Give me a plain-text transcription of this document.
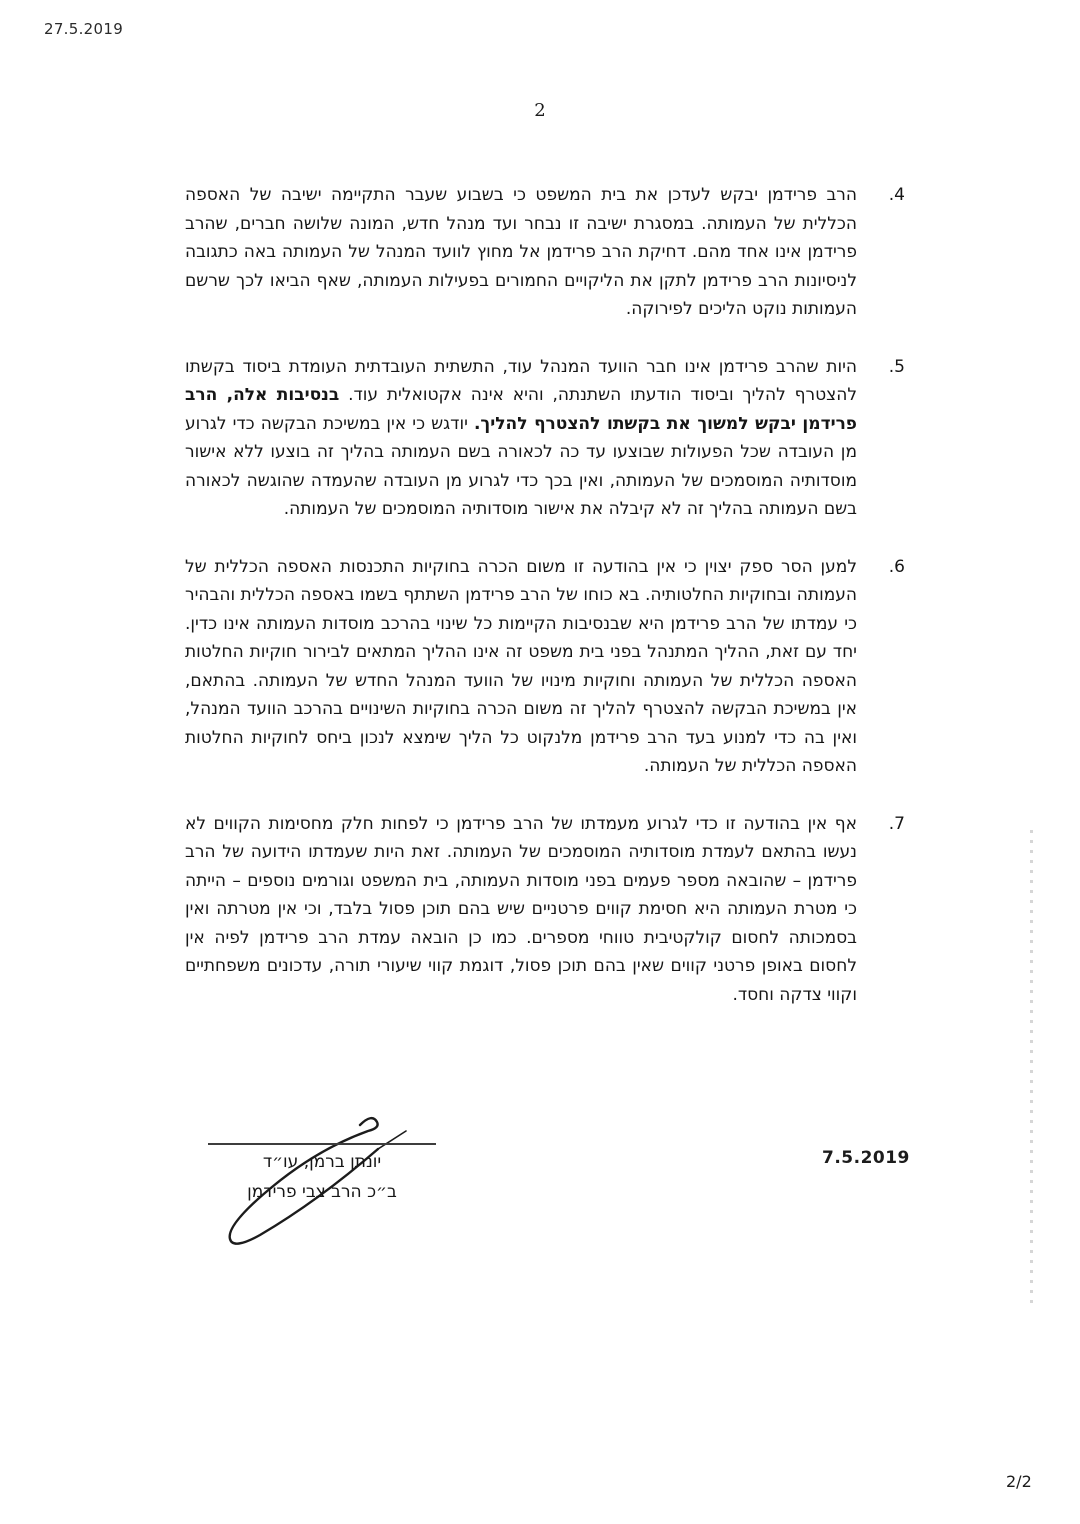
27.5.2019
2
4.
הרב פרידמן יבקש לעדכן את בית המשפט כי בשבוע שעבר התקיימה ישיבה של האספה הכללית של העמותה. במסגרת ישיבה זו נבחר ועד מנהל חדש, המונה שלושה חברים, שהרב פרידמן אינו אחד מהם. דחיקת הרב פרידמן אל מחוץ לוועד המנהל של העמותה באה כתגובה לניסיונות הרב פרידמן לתקן את הליקויים החמורים בפעילות העמותה, שאף הביאו לכך שרשם העמותות נוקט הליכים לפירוקה.
5.
היות שהרב פרידמן אינו חבר הוועד המנהל עוד, התשתית העובדתית העומדת ביסוד בקשתו להצטרף להליך וביסוד הודעתו השתנתה, והיא אינה אקטואלית עוד. בנסיבות אלה, הרב פרידמן יבקש למשוך את בקשתו להצטרף להליך. יודגש כי אין במשיכת הבקשה כדי לגרוע מן העובדה שכל הפעולות שבוצעו עד כה לכאורה בשם העמותה בהליך זה בוצעו ללא אישור מוסדותיה המוסמכים של העמותה, ואין בכך כדי לגרוע מן העובדה שהעמדה שהוגשה לכאורה בשם העמותה בהליך זה לא קיבלה את אישור מוסדותיה המוסמכים של העמותה.
6.
למען הסר ספק יצוין כי אין בהודעה זו משום הכרה בחוקיות התכנסות האספה הכללית של העמותה ובחוקיות החלטותיה. בא כוחו של הרב פרידמן השתתף בשמו באספה הכללית והבהיר כי עמדתו של הרב פרידמן היא שבנסיבות הקיימות כל שינוי בהרכב מוסדות העמותה אינו כדין. יחד עם זאת, ההליך המתנהל בפני בית משפט זה אינו ההליך המתאים לבירור חוקיות החלטות האספה הכללית של העמותה וחוקיות מינויו של הוועד המנהל החדש של העמותה. בהתאם, אין במשיכת הבקשה להצטרף להליך זה משום הכרה בחוקיות השינויים בהרכב הוועד המנהל, ואין בה כדי למנוע בעד הרב פרידמן מלנקוט כל הליך שימצא לנכון ביחס לחוקיות החלטות האספה הכללית של העמותה.
7.
אף אין בהודעה זו כדי לגרוע מעמדתו של הרב פרידמן כי לפחות חלק מחסימות הקווים לא נעשו בהתאם לעמדת מוסדותיה המוסמכים של העמותה. זאת היות שעמדתו הידועה של הרב פרידמן – שהובאה מספר פעמים בפני מוסדות העמותה, בית המשפט וגורמים נוספים – הייתה כי מטרת העמותה היא חסימת קווים פרטניים שיש בהם תוכן פסול בלבד, וכי אין מטרתה ואין בסמכותה לחסום קולקטיבית טווחי מספרים. כמו כן הובאה עמדת הרב פרידמן לפיה אין לחסום באופן פרטני קווים שאין בהם תוכן פסול, דוגמת קווי שיעורי תורה, עדכונים משפחתיים וקווי צדקה וחסד.
יונתן ברמן, עו״ד
ב״כ הרב צבי פרידמן
7.5.2019
2/2
